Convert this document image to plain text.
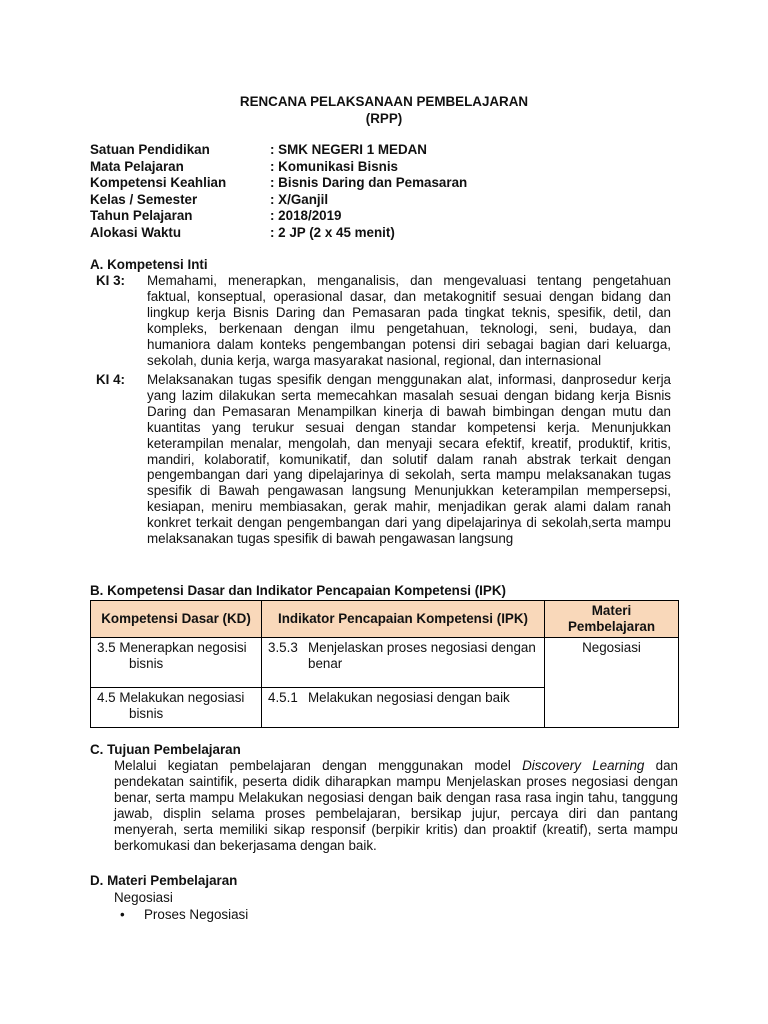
RENCANA PELAKSANAAN PEMBELAJARAN
(RPP)
Satuan Pendidikan	: SMK NEGERI 1 MEDAN
Mata Pelajaran	: Komunikasi Bisnis
Kompetensi Keahlian	: Bisnis Daring dan Pemasaran
Kelas / Semester	: X/Ganjil
Tahun Pelajaran	: 2018/2019
Alokasi Waktu	: 2 JP (2 x 45 menit)
A. Kompetensi Inti
KI 3: Memahami, menerapkan, menganalisis, dan mengevaluasi tentang pengetahuan faktual, konseptual, operasional dasar, dan metakognitif sesuai dengan bidang dan lingkup kerja Bisnis Daring dan Pemasaran pada tingkat teknis, spesifik, detil, dan kompleks, berkenaan dengan ilmu pengetahuan, teknologi, seni, budaya, dan humaniora dalam konteks pengembangan potensi diri sebagai bagian dari keluarga, sekolah, dunia kerja, warga masyarakat nasional, regional, dan internasional
KI 4: Melaksanakan tugas spesifik dengan menggunakan alat, informasi, danprosedur kerja yang lazim dilakukan serta memecahkan masalah sesuai dengan bidang kerja Bisnis Daring dan Pemasaran Menampilkan kinerja di bawah bimbingan dengan mutu dan kuantitas yang terukur sesuai dengan standar kompetensi kerja. Menunjukkan keterampilan menalar, mengolah, dan menyaji secara efektif, kreatif, produktif, kritis, mandiri, kolaboratif, komunikatif, dan solutif dalam ranah abstrak terkait dengan pengembangan dari yang dipelajarinya di sekolah, serta mampu melaksanakan tugas spesifik di Bawah pengawasan langsung Menunjukkan keterampilan mempersepsi, kesiapan, meniru membiasakan, gerak mahir, menjadikan gerak alami dalam ranah konkret terkait dengan pengembangan dari yang dipelajarinya di sekolah,serta mampu melaksanakan tugas spesifik di bawah pengawasan langsung
B. Kompetensi Dasar dan Indikator Pencapaian Kompetensi (IPK)
Kompetensi Dasar (KD)	Indikator Pencapaian Kompetensi (IPK)	Materi Pembelajaran

3.5 Menerapkan negosisi bisnis	3.5.3 Menjelaskan proses negosiasi dengan benar	Negosiasi

4.5 Melakukan negosiasi bisnis	4.5.1 Melakukan negosiasi dengan baik	
C. Tujuan Pembelajaran
Melalui kegiatan pembelajaran dengan menggunakan model Discovery Learning dan pendekatan saintifik, peserta didik diharapkan mampu Menjelaskan proses negosiasi dengan benar, serta mampu Melakukan negosiasi dengan baik dengan rasa rasa ingin tahu, tanggung jawab, displin selama proses pembelajaran, bersikap jujur, percaya diri dan pantang menyerah, serta memiliki sikap responsif (berpikir kritis) dan proaktif (kreatif), serta mampu berkomukasi dan bekerjasama dengan baik.
D. Materi Pembelajaran
Negosiasi
•	Proses Negosiasi
